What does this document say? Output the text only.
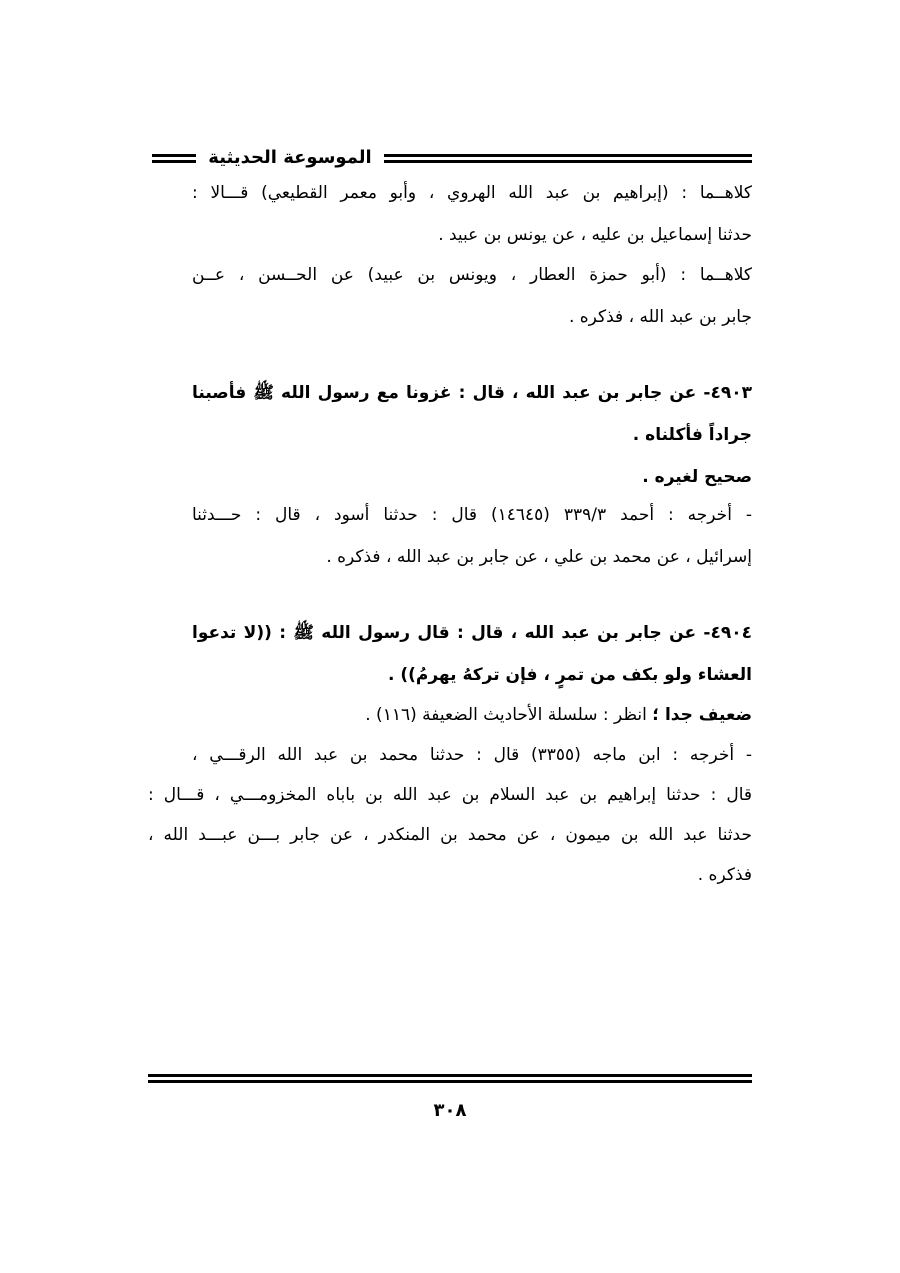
الموسوعة الحديثية
كلاهــما : (إبراهيم بن عبد الله الهروي ، وأبو معمر القطيعي) قـــالا :
حدثنا إسماعيل بن عليه ، عن يونس بن عبيد .
كلاهــما : (أبو حمزة العطار ، ويونس بن عبيد) عن الحــسن ، عــن
جابر بن عبد الله ، فذكره .
٤٩٠٣- عن جابر بن عبد الله ، قال : غزونا مع رسول الله ﷺ فأصبنا
جراداً فأكلناه .
صحيح لغيره .
- أخرجه : أحمد ٣٣٩/٣ (١٤٦٤٥) قال : حدثنا أسود ، قال : حـــدثنا
إسرائيل ، عن محمد بن علي ، عن جابر بن عبد الله ، فذكره .
٤٩٠٤- عن جابر بن عبد الله ، قال : قال رسول الله ﷺ : ((لا تدعوا
العشاء ولو بكف من تمرٍ ، فإن تركهُ يهرمُ)) .
ضعيف جدا ؛ انظر : سلسلة الأحاديث الضعيفة (١١٦) .
- أخرجه : ابن ماجه (٣٣٥٥) قال : حدثنا محمد بن عبد الله الرقـــي ،
قال : حدثنا إبراهيم بن عبد السلام بن عبد الله بن باباه المخزومـــي ، قـــال :
حدثنا عبد الله بن ميمون ، عن محمد بن المنكدر ، عن جابر بـــن عبـــد الله ،
فذكره .
٣٠٨
